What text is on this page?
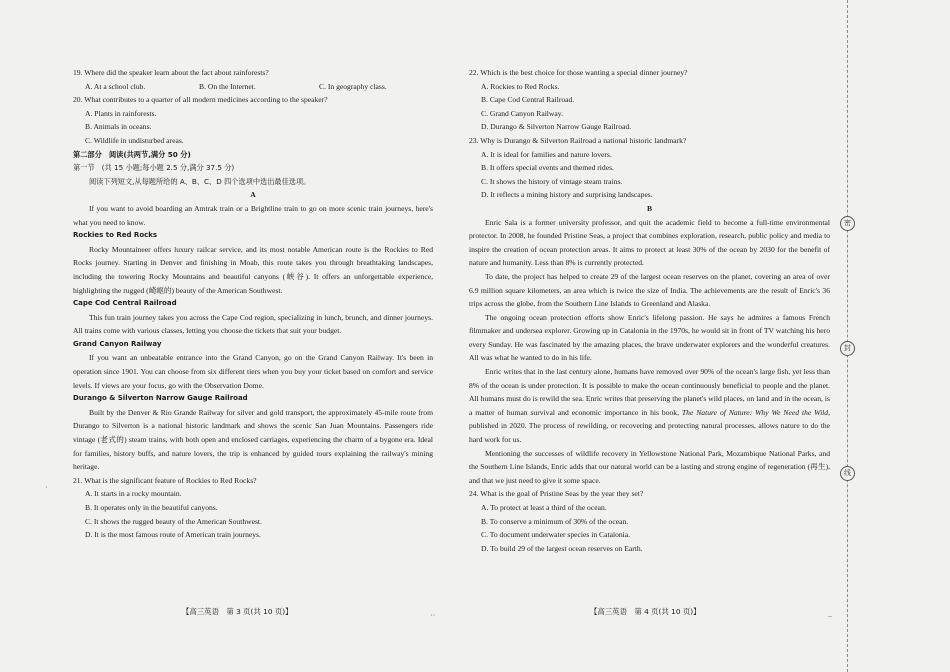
19. Where did the speaker learn about the fact about rainforests?

A. At a school club.	B. On the Internet.	C. In geography class.

20. What contributes to a quarter of all modern medicines according to the speaker?

A. Plants in rainforests.

B. Animals in oceans.

C. Wildlife in undisturbed areas.

第二部分　阅读(共两节,满分 50 分)

第一节　(共 15 小题;每小题 2.5 分,满分 37.5 分)

阅读下列短文,从每题所给的 A、B、C、D 四个选项中选出最佳选项。

A

If you want to avoid boarding an Amtrak train or a Brightline train to go on more scenic train journeys, here's what you need to know.

Rockies to Red Rocks

Rocky Mountaineer offers luxury railcar service, and its most notable American route is the Rockies to Red Rocks journey. Starting in Denver and finishing in Moab, this route takes you through breathtaking landscapes, including the towering Rocky Mountains and beautiful canyons (峡谷). It offers an unforgettable experience, highlighting the rugged (崎岖的) beauty of the American Southwest.

Cape Cod Central Railroad

This fun train journey takes you across the Cape Cod region, specializing in lunch, brunch, and dinner journeys. All trains come with various classes, letting you choose the tickets that suit your budget.

Grand Canyon Railway

If you want an unbeatable entrance into the Grand Canyon, go on the Grand Canyon Railway. It's been in operation since 1901. You can choose from six different tiers when you buy your ticket based on comfort and service levels. If views are your focus, go with the Observation Dome.

Durango & Silverton Narrow Gauge Railroad

Built by the Denver & Rio Grande Railway for silver and gold transport, the approximately 45-mile route from Durango to Silverton is a national historic landmark and shows the scenic San Juan Mountains. Passengers ride vintage (老式的) steam trains, with both open and enclosed carriages, experiencing the charm of a bygone era. Ideal for families, history buffs, and nature lovers, the trip is enhanced by guided tours explaining the railway's mining heritage.

21. What is the significant feature of Rockies to Red Rocks?

A. It starts in a rocky mountain.

B. It operates only in the beautiful canyons.

C. It shows the rugged beauty of the American Southwest.

D. It is the most famous route of American train journeys.

22. Which is the best choice for those wanting a special dinner journey?

A. Rockies to Red Rocks.

B. Cape Cod Central Railroad.

C. Grand Canyon Railway.

D. Durango & Silverton Narrow Gauge Railroad.

23. Why is Durango & Silverton Railroad a national historic landmark?

A. It is ideal for families and nature lovers.

B. It offers special events and themed rides.

C. It shows the history of vintage steam trains.

D. It reflects a mining history and surprising landscapes.

B

Enric Sala is a former university professor, and quit the academic field to become a full-time environmental protector. In 2008, he founded Pristine Seas, a project that combines exploration, research, public policy and media to inspire the creation of ocean protection areas. It aims to protect at least 30% of the ocean by 2030 for the benefit of nature and humanity. Less than 8% is currently protected.

To date, the project has helped to create 29 of the largest ocean reserves on the planet, covering an area of over 6.9 million square kilometers, an area which is twice the size of India. The achievements are the result of Enric's 36 trips across the globe, from the Southern Line Islands to Greenland and Alaska.

The ongoing ocean protection efforts show Enric's lifelong passion. He says he admires a famous French filmmaker and undersea explorer. Growing up in Catalonia in the 1970s, he would sit in front of TV watching his hero every Sunday. He was fascinated by the amazing places, the brave underwater explorers and the wonderful creatures. All was what he wanted to do in his life.

Enric writes that in the last century alone, humans have removed over 90% of the ocean's large fish, yet less than 8% of the ocean is under protection. It is possible to make the ocean continuously beneficial to people and the planet. All humans must do is rewild the sea. Enric writes that preserving the planet's wild places, on land and in the ocean, is a matter of human survival and economic importance in his book, The Nature of Nature: Why We Need the Wild, published in 2020. The process of rewilding, or recovering and protecting natural processes, allows nature to do the hard work for us.

Mentioning the successes of wildlife recovery in Yellowstone National Park, Mozambique National Parks, and the Southern Line Islands, Enric adds that our natural world can be a lasting and strong engine of regeneration (再生), and that we just need to give it some space.

24. What is the goal of Pristine Seas by the year they set?

A. To protect at least a third of the ocean.

B. To conserve a minimum of 30% of the ocean.

C. To document underwater species in Catalonia.

D. To build 29 of the largest ocean reserves on Earth.

【高三英语　第 3 页(共 10 页)】	【高三英语　第 4 页(共 10 页)】
密
封
线
·
··	–
